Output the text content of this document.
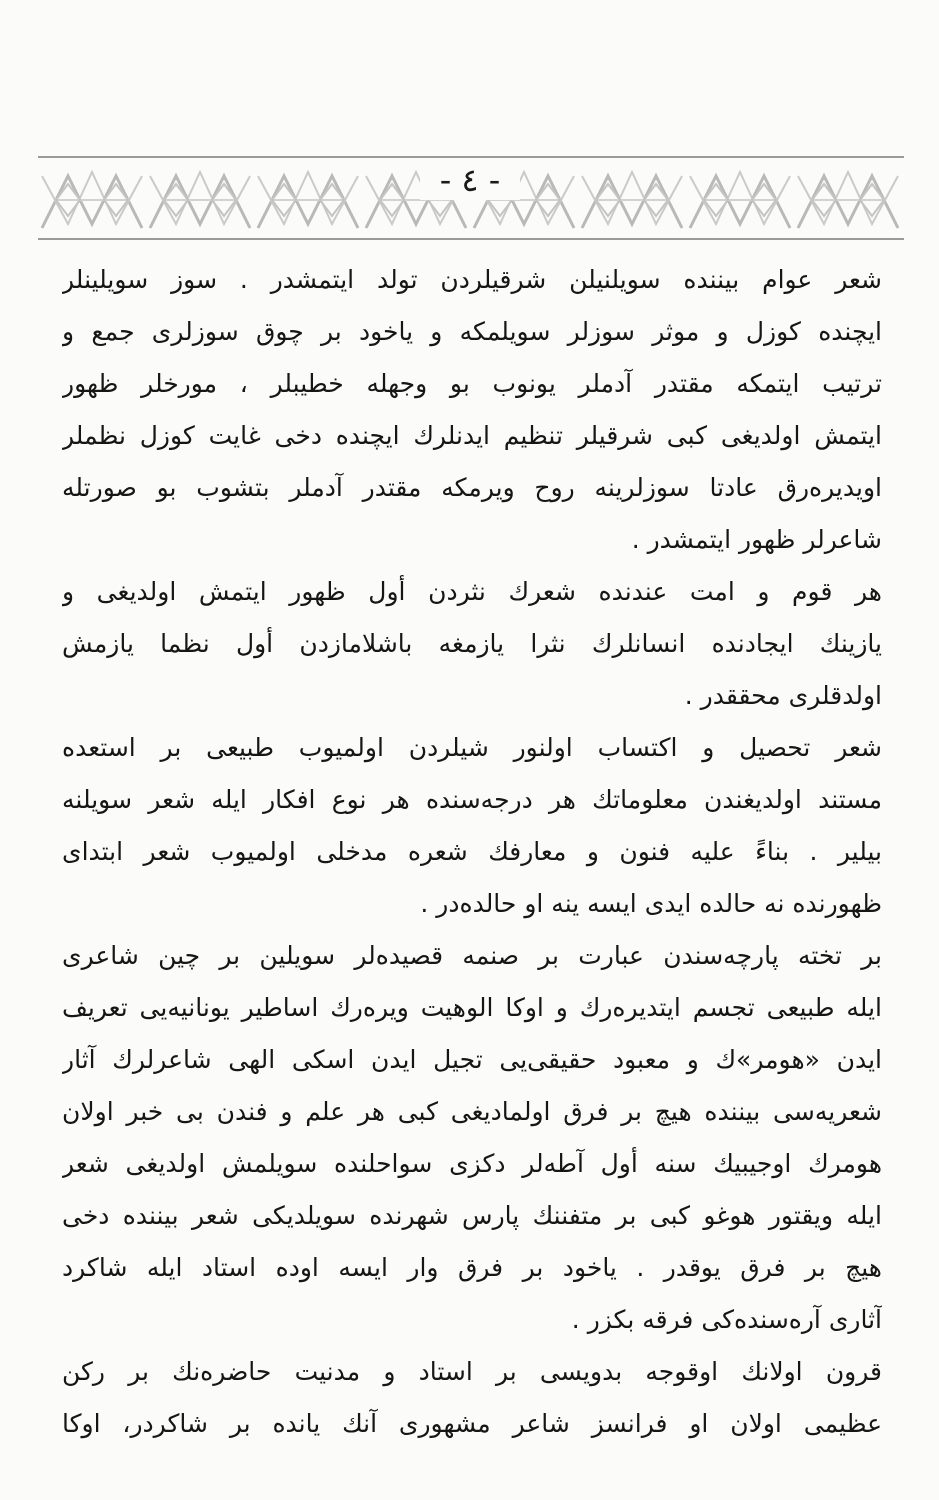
- ٤ -
شعر عوام بيننده سويلنيلن شرقيلردن تولد ايتمشدر . سوز سويلينلر
ايچنده كوزل و موثر سوزلر سويلمكه و ياخود بر چوق سوزلرى جمع و
ترتيب ايتمكه مقتدر آدملر يونوب بو وجهله خطيبلر ، مورخلر ظهور
ايتمش اولديغى كبى شرقيلر تنظيم ايدنلرك ايچنده دخى غايت كوزل نظملر
اويديره‌رق عادتا سوزلرينه روح ويرمكه مقتدر آدملر بتشوب بو صورتله
شاعرلر ظهور ايتمشدر .
هر قوم و امت عندنده شعرك نثردن أول ظهور ايتمش اولديغى و
يازينك ايجادنده انسانلرك نثرا يازمغه باشلامازدن أول نظما يازمش
اولدقلرى محققدر .
شعر تحصيل و اكتساب اولنور شيلردن اولميوب طبيعى بر استعده
مستند اولديغندن معلوماتك هر درجه‌سنده هر نوع افكار ايله شعر سويلنه
بيلير . بناءً عليه فنون و معارفك شعره مدخلى اولميوب شعر ابتداى
ظهورنده نه حالده ايدى ايسه ينه او حالده‌در .
بر تخته پارچه‌سندن عبارت بر صنمه قصيده‌لر سويلين بر چين شاعرى
ايله طبيعى تجسم ايتديره‌رك و اوكا الوهيت ويره‌رك اساطير يونانيه‌يى تعريف
ايدن «هومر»ك و معبود حقيقى‌يى تجيل ايدن اسكى الهى شاعرلرك آثار
شعريه‌سى بيننده هيچ بر فرق اولماديغى كبى هر علم و فندن بى خبر اولان
هومرك اوجيبيك سنه أول آطه‌لر دكزى سواحلنده سويلمش اولديغى شعر
ايله ويقتور هوغو كبى بر متفننك پارس شهرنده سويلديكى شعر بيننده دخى
هيچ بر فرق يوقدر . ياخود بر فرق وار ايسه اوده استاد ايله شاكرد
آثارى آره‌سنده‌كى فرقه بكزر .
قرون اولانك اوقوجه بدويسى بر استاد و مدنيت حاضره‌نك بر ركن
عظيمى اولان او فرانسز شاعر مشهورى آنك يانده بر شاكردر، اوكا
